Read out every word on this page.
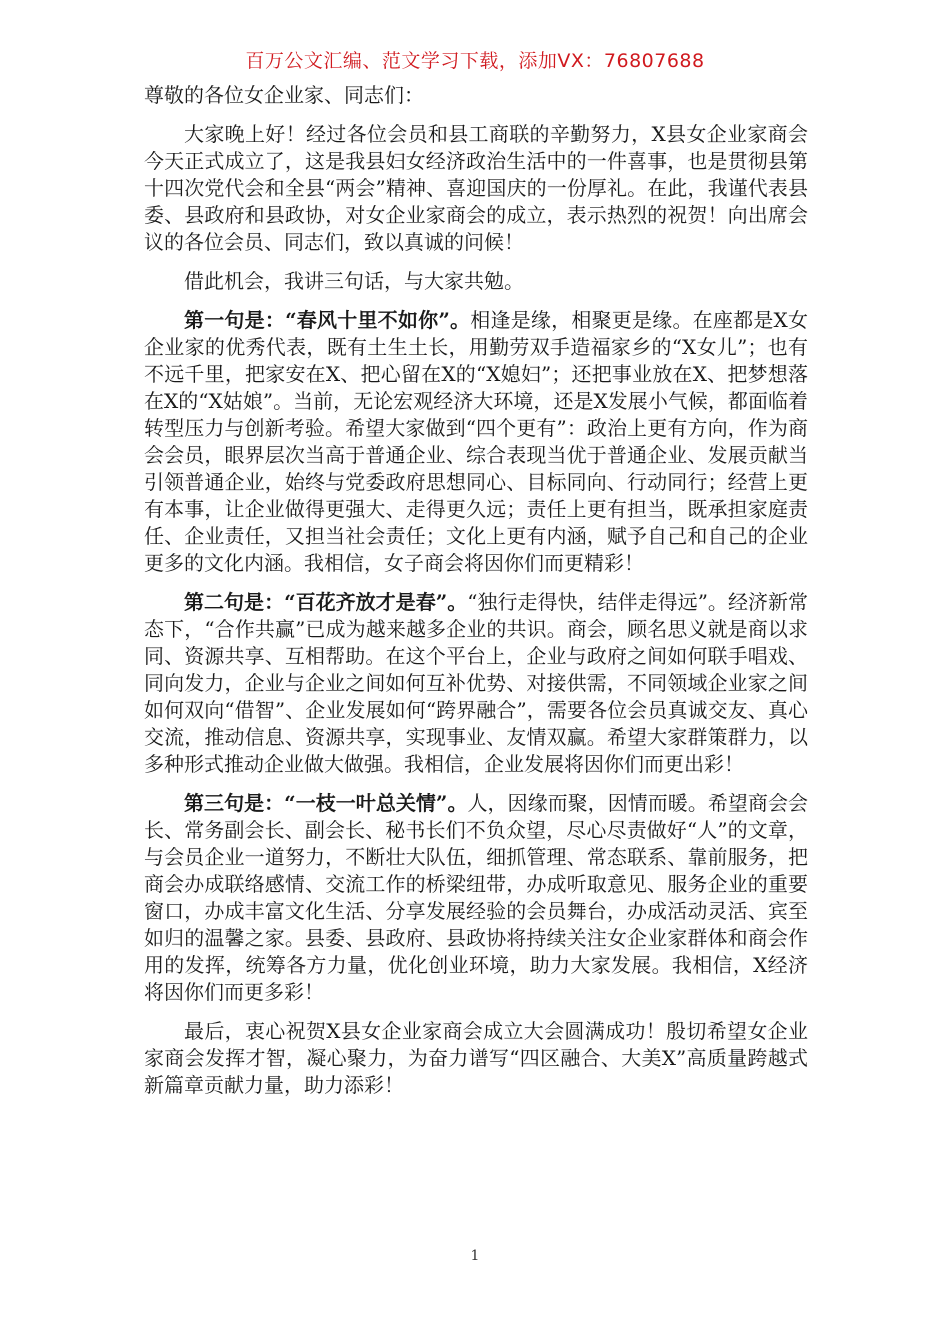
百万公文汇编、范文学习下载，添加VX：76807688

尊敬的各位女企业家、同志们：

大家晚上好！经过各位会员和县工商联的辛勤努力，X县女企业家商会今天正式成立了，这是我县妇女经济政治生活中的一件喜事，也是贯彻县第十四次党代会和全县“两会”精神、喜迎国庆的一份厚礼。在此，我谨代表县委、县政府和县政协，对女企业家商会的成立，表示热烈的祝贺！向出席会议的各位会员、同志们，致以真诚的问候！

借此机会，我讲三句话，与大家共勉。

第一句是：“春风十里不如你”。相逢是缘，相聚更是缘。在座都是X女企业家的优秀代表，既有土生土长，用勤劳双手造福家乡的“X女儿”；也有不远千里，把家安在X、把心留在X的“X媳妇”；还把事业放在X、把梦想落在X的“X姑娘”。当前，无论宏观经济大环境，还是X发展小气候，都面临着转型压力与创新考验。希望大家做到“四个更有”：政治上更有方向，作为商会会员，眼界层次当高于普通企业、综合表现当优于普通企业、发展贡献当引领普通企业，始终与党委政府思想同心、目标同向、行动同行；经营上更有本事，让企业做得更强大、走得更久远；责任上更有担当，既承担家庭责任、企业责任，又担当社会责任；文化上更有内涵，赋予自己和自己的企业更多的文化内涵。我相信，女子商会将因你们而更精彩！

第二句是：“百花齐放才是春”。“独行走得快，结伴走得远”。经济新常态下，“合作共赢”已成为越来越多企业的共识。商会，顾名思义就是商以求同、资源共享、互相帮助。在这个平台上，企业与政府之间如何联手唱戏、同向发力，企业与企业之间如何互补优势、对接供需，不同领域企业家之间如何双向“借智”、企业发展如何“跨界融合”，需要各位会员真诚交友、真心交流，推动信息、资源共享，实现事业、友情双赢。希望大家群策群力，以多种形式推动企业做大做强。我相信，企业发展将因你们而更出彩！

第三句是：“一枝一叶总关情”。人，因缘而聚，因情而暖。希望商会会长、常务副会长、副会长、秘书长们不负众望，尽心尽责做好“人”的文章，与会员企业一道努力，不断壮大队伍，细抓管理、常态联系、靠前服务，把商会办成联络感情、交流工作的桥梁纽带，办成听取意见、服务企业的重要窗口，办成丰富文化生活、分享发展经验的会员舞台，办成活动灵活、宾至如归的温馨之家。县委、县政府、县政协将持续关注女企业家群体和商会作用的发挥，统筹各方力量，优化创业环境，助力大家发展。我相信，X经济将因你们而更多彩！

最后，衷心祝贺X县女企业家商会成立大会圆满成功！殷切希望女企业家商会发挥才智，凝心聚力，为奋力谱写“四区融合、大美X”高质量跨越式新篇章贡献力量，助力添彩！

1
